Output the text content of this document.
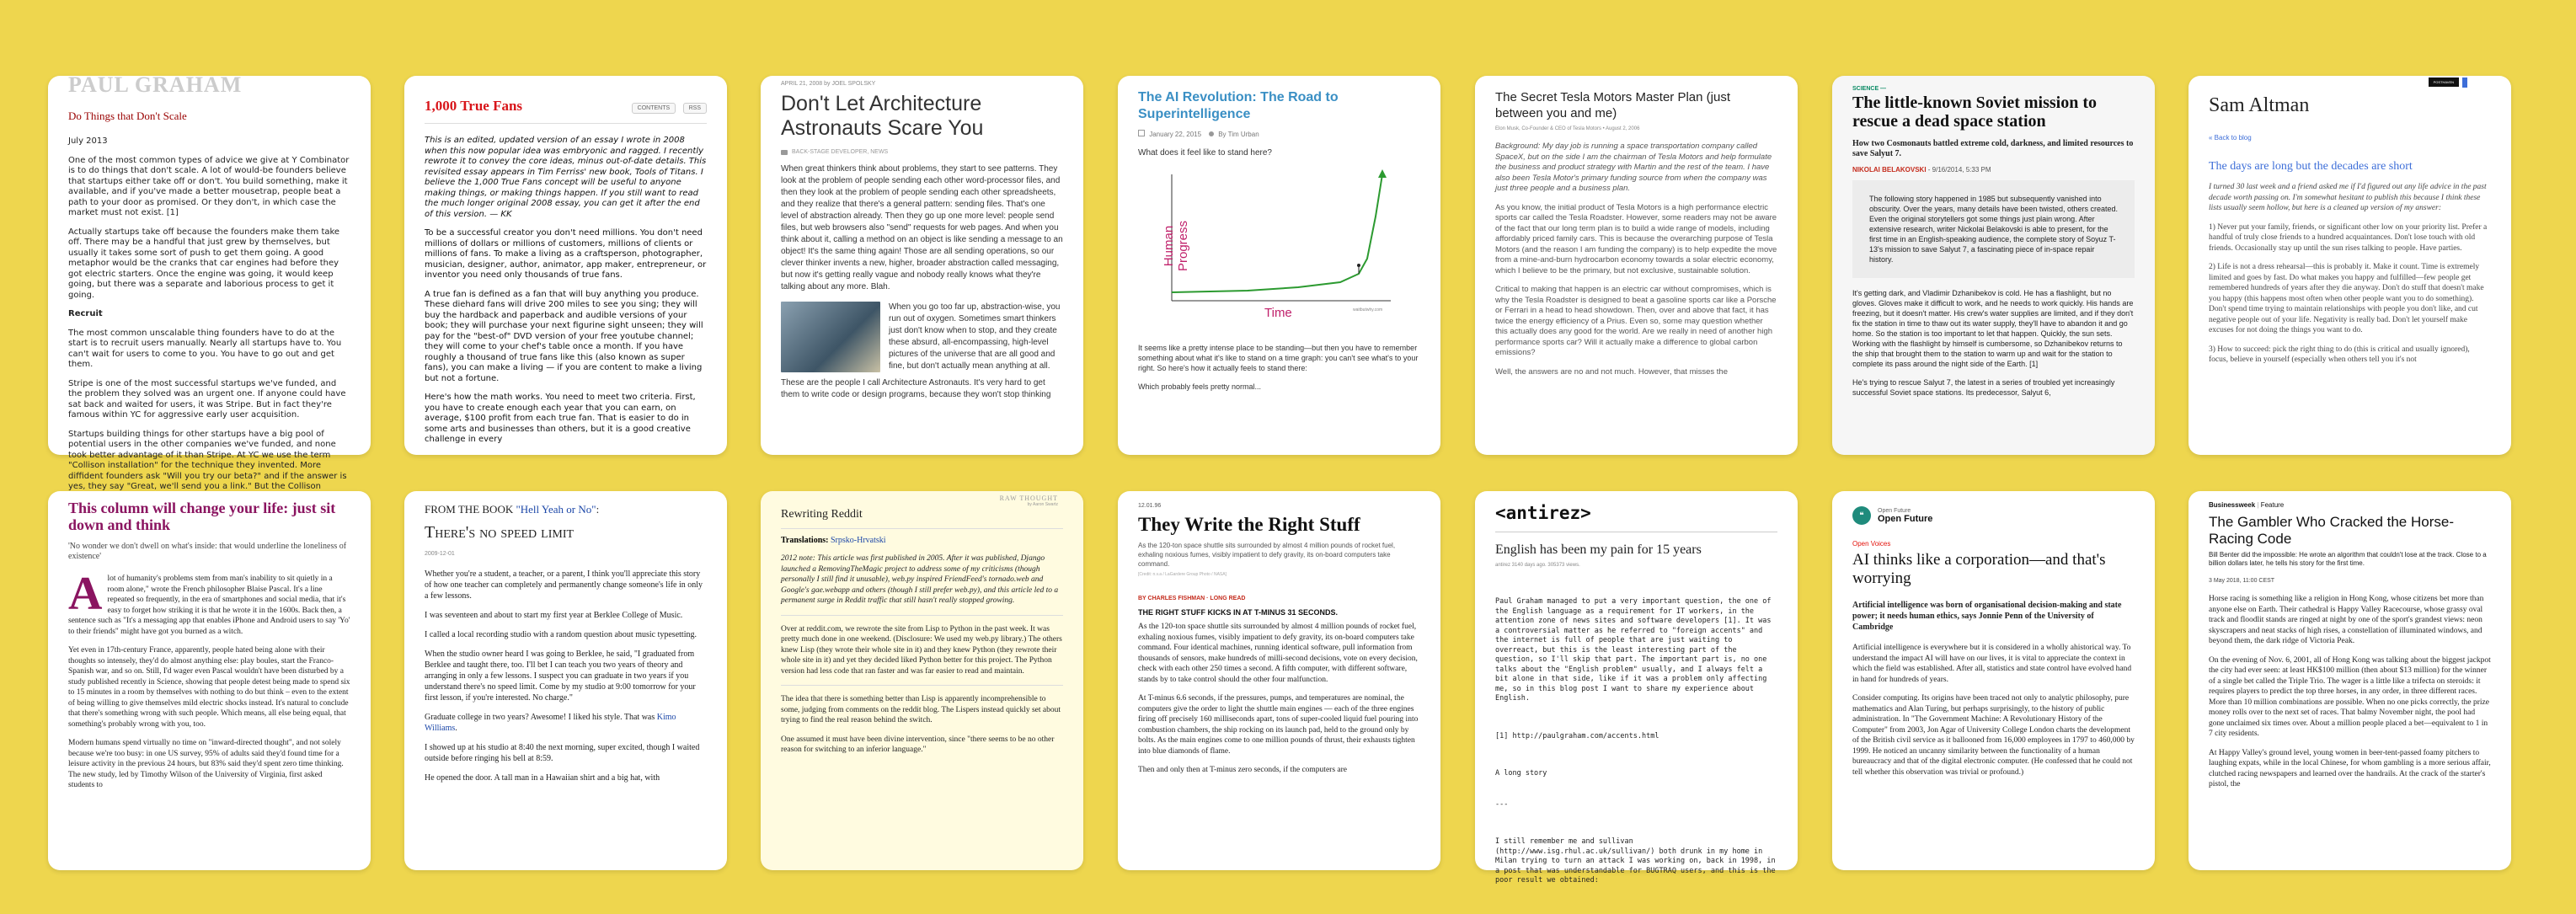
PAUL GRAHAM
Do Things that Don't Scale

July 2013

One of the most common types of advice we give at Y Combinator is to do things that don't scale. A lot of would-be founders believe that startups either take off or don't. You build something, make it available, and if you've made a better mousetrap, people beat a path to your door as promised. Or they don't, in which case the market must not exist. [1]

Actually startups take off because the founders make them take off. There may be a handful that just grew by themselves, but usually it takes some sort of push to get them going. A good metaphor would be the cranks that car engines had before they got electric starters. Once the engine was going, it would keep going, but there was a separate and laborious process to get it going.

Recruit

The most common unscalable thing founders have to do at the start is to recruit users manually. Nearly all startups have to. You can't wait for users to come to you. You have to go out and get them.

Stripe is one of the most successful startups we've funded, and the problem they solved was an urgent one. If anyone could have sat back and waited for users, it was Stripe. But in fact they're famous within YC for aggressive early user acquisition.

Startups building things for other startups have a big pool of potential users in the other companies we've funded, and none took better advantage of it than Stripe. At YC we use the term "Collison installation" for the technique they invented. More diffident founders ask "Will you try our beta?" and if the answer is yes, they say "Great, we'll send you a link." But the Collison

1,000 True Fans	CONTENTS	RSS

This is an edited, updated version of an essay I wrote in 2008 when this now popular idea was embryonic and ragged. I recently rewrote it to convey the core ideas, minus out-of-date details. This revisited essay appears in Tim Ferriss' new book, Tools of Titans. I believe the 1,000 True Fans concept will be useful to anyone making things, or making things happen. If you still want to read the much longer original 2008 essay, you can get it after the end of this version. — KK

To be a successful creator you don't need millions. You don't need millions of dollars or millions of customers, millions of clients or millions of fans. To make a living as a craftsperson, photographer, musician, designer, author, animator, app maker, entrepreneur, or inventor you need only thousands of true fans.

A true fan is defined as a fan that will buy anything you produce. These diehard fans will drive 200 miles to see you sing; they will buy the hardback and paperback and audible versions of your book; they will purchase your next figurine sight unseen; they will pay for the "best-of" DVD version of your free youtube channel; they will come to your chef's table once a month. If you have roughly a thousand of true fans like this (also known as super fans), you can make a living — if you are content to make a living but not a fortune.

Here's how the math works. You need to meet two criteria. First, you have to create enough each year that you can earn, on average, $100 profit from each true fan. That is easier to do in some arts and businesses than others, but it is a good creative challenge in every

APRIL 21, 2008 by JOEL SPOLSKY
Don't Let Architecture Astronauts Scare You
BACK-STAGE DEVELOPER, NEWS

When great thinkers think about problems, they start to see patterns. They look at the problem of people sending each other word-processor files, and then they look at the problem of people sending each other spreadsheets, and they realize that there's a general pattern: sending files. That's one level of abstraction already. Then they go up one more level: people send files, but web browsers also "send" requests for web pages. And when you think about it, calling a method on an object is like sending a message to an object! It's the same thing again! Those are all sending operations, so our clever thinker invents a new, higher, broader abstraction called messaging, but now it's getting really vague and nobody really knows what they're talking about any more. Blah.

When you go too far up, abstraction-wise, you run out of oxygen. Sometimes smart thinkers just don't know when to stop, and they create these absurd, all-encompassing, high-level pictures of the universe that are all good and fine, but don't actually mean anything at all.

These are the people I call Architecture Astronauts. It's very hard to get them to write code or design programs, because they won't stop thinking

The AI Revolution: The Road to Superintelligence
January 22, 2015	By Tim Urban

What does it feel like to stand here?

Human Progress
Time	waitbutwhy.com

It seems like a pretty intense place to be standing—but then you have to remember something about what it's like to stand on a time graph: you can't see what's to your right. So here's how it actually feels to stand there:

Which probably feels pretty normal...

The Secret Tesla Motors Master Plan (just between you and me)
Elon Musk, Co-Founder & CEO of Tesla Motors • August 2, 2006

Background: My day job is running a space transportation company called SpaceX, but on the side I am the chairman of Tesla Motors and help formulate the business and product strategy with Martin and the rest of the team. I have also been Tesla Motor's primary funding source from when the company was just three people and a business plan.

As you know, the initial product of Tesla Motors is a high performance electric sports car called the Tesla Roadster. However, some readers may not be aware of the fact that our long term plan is to build a wide range of models, including affordably priced family cars. This is because the overarching purpose of Tesla Motors (and the reason I am funding the company) is to help expedite the move from a mine-and-burn hydrocarbon economy towards a solar electric economy, which I believe to be the primary, but not exclusive, sustainable solution.

Critical to making that happen is an electric car without compromises, which is why the Tesla Roadster is designed to beat a gasoline sports car like a Porsche or Ferrari in a head to head showdown. Then, over and above that fact, it has twice the energy efficiency of a Prius. Even so, some may question whether this actually does any good for the world. Are we really in need of another high performance sports car? Will it actually make a difference to global carbon emissions?

Well, the answers are no and not much. However, that misses the

SCIENCE —
The little-known Soviet mission to rescue a dead space station
How two Cosmonauts battled extreme cold, darkness, and limited resources to save Salyut 7.
NIKOLAI BELAKOVSKI - 9/16/2014, 5:33 PM
The following story happened in 1985 but subsequently vanished into obscurity. Over the years, many details have been twisted, others created. Even the original storytellers got some things just plain wrong. After extensive research, writer Nickolai Belakovski is able to present, for the first time in an English-speaking audience, the complete story of Soyuz T-13's mission to save Salyut 7, a fascinating piece of in-space repair history.

It's getting dark, and Vladimir Dzhanibekov is cold. He has a flashlight, but no gloves. Gloves make it difficult to work, and he needs to work quickly. His hands are freezing, but it doesn't matter. His crew's water supplies are limited, and if they don't fix the station in time to thaw out its water supply, they'll have to abandon it and go home. So the station is too important to let that happen. Quickly, the sun sets. Working with the flashlight by himself is cumbersome, so Dzhanibekov returns to the ship that brought them to the station to warm up and wait for the station to complete its pass around the night side of the Earth. [1]

He's trying to rescue Salyut 7, the latest in a series of troubled yet increasingly successful Soviet space stations. Its predecessor, Salyut 6,

POSTHAVEN
Sam Altman
« Back to blog
The days are long but the decades are short

I turned 30 last week and a friend asked me if I'd figured out any life advice in the past decade worth passing on. I'm somewhat hesitant to publish this because I think these lists usually seem hollow, but here is a cleaned up version of my answer:

1) Never put your family, friends, or significant other low on your priority list. Prefer a handful of truly close friends to a hundred acquaintances. Don't lose touch with old friends. Occasionally stay up until the sun rises talking to people. Have parties.

2) Life is not a dress rehearsal—this is probably it. Make it count. Time is extremely limited and goes by fast. Do what makes you happy and fulfilled—few people get remembered hundreds of years after they die anyway. Don't do stuff that doesn't make you happy (this happens most often when other people want you to do something). Don't spend time trying to maintain relationships with people you don't like, and cut negative people out of your life. Negativity is really bad. Don't let yourself make excuses for not doing the things you want to do.

3) How to succeed: pick the right thing to do (this is critical and usually ignored), focus, believe in yourself (especially when others tell you it's not

This column will change your life: just sit down and think
'No wonder we don't dwell on what's inside: that would underline the loneliness of existence'

A lot of humanity's problems stem from man's inability to sit quietly in a room alone," wrote the French philosopher Blaise Pascal. It's a line repeated so frequently, in the era of smartphones and social media, that it's easy to forget how striking it is that he wrote it in the 1600s. Back then, a sentence such as "It's a messaging app that enables iPhone and Android users to say 'Yo' to their friends" might have got you burned as a witch.

Yet even in 17th-century France, apparently, people hated being alone with their thoughts so intensely, they'd do almost anything else: play boules, start the Franco-Spanish war, and so on. Still, I'd wager even Pascal wouldn't have been disturbed by a study published recently in Science, showing that people detest being made to spend six to 15 minutes in a room by themselves with nothing to do but think – even to the extent of being willing to give themselves mild electric shocks instead. It's natural to conclude that there's something wrong with such people. Which means, all else being equal, that something's probably wrong with you, too.

Modern humans spend virtually no time on "inward-directed thought", and not solely because we're too busy: in one US survey, 95% of adults said they'd found time for a leisure activity in the previous 24 hours, but 83% said they'd spent zero time thinking. The new study, led by Timothy Wilson of the University of Virginia, first asked students to

FROM THE BOOK "Hell Yeah or No":
There's no speed limit
2009-12-01

Whether you're a student, a teacher, or a parent, I think you'll appreciate this story of how one teacher can completely and permanently change someone's life in only a few lessons.

I was seventeen and about to start my first year at Berklee College of Music.

I called a local recording studio with a random question about music typesetting.

When the studio owner heard I was going to Berklee, he said, "I graduated from Berklee and taught there, too. I'll bet I can teach you two years of theory and arranging in only a few lessons. I suspect you can graduate in two years if you understand there's no speed limit. Come by my studio at 9:00 tomorrow for your first lesson, if you're interested. No charge."

Graduate college in two years? Awesome! I liked his style. That was Kimo Williams.

I showed up at his studio at 8:40 the next morning, super excited, though I waited outside before ringing his bell at 8:59.

He opened the door. A tall man in a Hawaiian shirt and a big hat, with

RAW THOUGHT
by Aaron Swartz
Rewriting Reddit
Translations: Srpsko-Hrvatski

2012 note: This article was first published in 2005. After it was published, Django launched a RemovingTheMagic project to address some of my criticisms (though personally I still find it unusable), web.py inspired FriendFeed's tornado.web and Google's gae.webapp and others (though I still prefer web.py), and this article led to a permanent surge in Reddit traffic that still hasn't really stopped growing.

Over at reddit.com, we rewrote the site from Lisp to Python in the past week. It was pretty much done in one weekend. (Disclosure: We used my web.py library.) The others knew Lisp (they wrote their whole site in it) and they knew Python (they rewrote their whole site in it) and yet they decided liked Python better for this project. The Python version had less code that ran faster and was far easier to read and maintain.

The idea that there is something better than Lisp is apparently incomprehensible to some, judging from comments on the reddit blog. The Lispers instead quickly set about trying to find the real reason behind the switch.

One assumed it must have been divine intervention, since "there seems to be no other reason for switching to an inferior language."

12.01.96
They Write the Right Stuff
As the 120-ton space shuttle sits surrounded by almost 4 million pounds of rocket fuel, exhaling noxious fumes, visibly impatient to defy gravity, its on-board computers take command.
[Credit: n.v.a / LaGardere Group Photo / NASA]
BY CHARLES FISHMAN · LONG READ
THE RIGHT STUFF KICKS IN AT T-MINUS 31 SECONDS.

As the 120-ton space shuttle sits surrounded by almost 4 million pounds of rocket fuel, exhaling noxious fumes, visibly impatient to defy gravity, its on-board computers take command. Four identical machines, running identical software, pull information from thousands of sensors, make hundreds of milli-second decisions, vote on every decision, check with each other 250 times a second. A fifth computer, with different software, stands by to take control should the other four malfunction.

At T-minus 6.6 seconds, if the pressures, pumps, and temperatures are nominal, the computers give the order to light the shuttle main engines — each of the three engines firing off precisely 160 milliseconds apart, tons of super-cooled liquid fuel pouring into combustion chambers, the ship rocking on its launch pad, held to the ground only by bolts. As the main engines come to one million pounds of thrust, their exhausts tighten into blue diamonds of flame.

Then and only then at T-minus zero seconds, if the computers are

<antirez>
English has been my pain for 15 years
antirez 3140 days ago. 305373 views.

Paul Graham managed to put a very important question, the one of the English language as a requirement for IT workers, in the attention zone of news sites and software developers [1]. It was a controversial matter as he referred to "foreign accents" and the internet is full of people that are just waiting to overreact, but this is the least interesting part of the question, so I'll skip that part. The important part is, no one talks about the "English problem" usually, and I always felt a bit alone in that side, like if it was a problem only affecting me, so in this blog post I want to share my experience about English.

[1] http://paulgraham.com/accents.html

A long story

---

I still remember me and sullivan (http://www.isg.rhul.ac.uk/sullivan/) both drunk in my home in Milan trying to turn an attack I was working on, back in 1998, in a post that was understandable for BUGTRAQ users, and this is the poor result we obtained:

❝
Open Future
Open Future
Open Voices
AI thinks like a corporation—and that's worrying
Artificial intelligence was born of organisational decision-making and state power; it needs human ethics, says Jonnie Penn of the University of Cambridge

Artificial intelligence is everywhere but it is considered in a wholly ahistorical way. To understand the impact AI will have on our lives, it is vital to appreciate the context in which the field was established. After all, statistics and state control have evolved hand in hand for hundreds of years.

Consider computing. Its origins have been traced not only to analytic philosophy, pure mathematics and Alan Turing, but perhaps surprisingly, to the history of public administration. In "The Government Machine: A Revolutionary History of the Computer" from 2003, Jon Agar of University College London charts the development of the British civil service as it ballooned from 16,000 employees in 1797 to 460,000 by 1999. He noticed an uncanny similarity between the functionality of a human bureaucracy and that of the digital electronic computer. (He confessed that he could not tell whether this observation was trivial or profound.)

Businessweek | Feature
The Gambler Who Cracked the Horse-Racing Code
Bill Benter did the impossible: He wrote an algorithm that couldn't lose at the track. Close to a billion dollars later, he tells his story for the first time.
3 May 2018, 11:00 CEST

Horse racing is something like a religion in Hong Kong, whose citizens bet more than anyone else on Earth. Their cathedral is Happy Valley Racecourse, whose grassy oval track and floodlit stands are ringed at night by one of the sport's grandest views: neon skyscrapers and neat stacks of high rises, a constellation of illuminated windows, and beyond them, the dark ridge of Victoria Peak.

On the evening of Nov. 6, 2001, all of Hong Kong was talking about the biggest jackpot the city had ever seen: at least HK$100 million (then about $13 million) for the winner of a single bet called the Triple Trio. The wager is a little like a trifecta on steroids: it requires players to predict the top three horses, in any order, in three different races. More than 10 million combinations are possible. When no one picks correctly, the prize money rolls over to the next set of races. That balmy November night, the pool had gone unclaimed six times over. About a million people placed a bet—equivalent to 1 in 7 city residents.

At Happy Valley's ground level, young women in beer-tent-passed foamy pitchers to laughing expats, while in the local Chinese, for whom gambling is a more serious affair, clutched racing newspapers and learned over the handrails. At the crack of the starter's pistol, the
